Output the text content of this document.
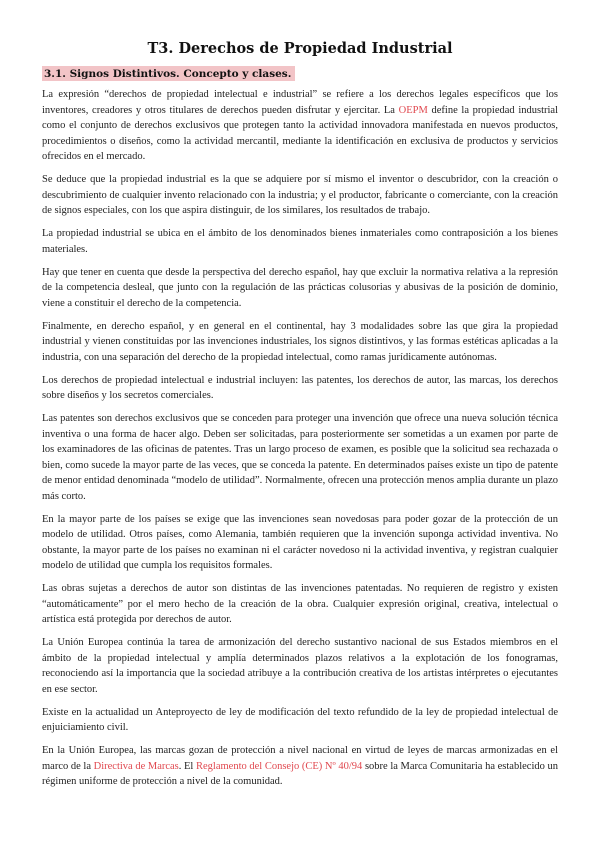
T3. Derechos de Propiedad Industrial
3.1. Signos Distintivos. Concepto y clases.

La expresión “derechos de propiedad intelectual e industrial” se refiere a los derechos legales específicos que los inventores, creadores y otros titulares de derechos pueden disfrutar y ejercitar. La OEPM define la propiedad industrial como el conjunto de derechos exclusivos que protegen tanto la actividad innovadora manifestada en nuevos productos, procedimientos o diseños, como la actividad mercantil, mediante la identificación en exclusiva de productos y servicios ofrecidos en el mercado.

Se deduce que la propiedad industrial es la que se adquiere por sí mismo el inventor o descubridor, con la creación o descubrimiento de cualquier invento relacionado con la industria; y el productor, fabricante o comerciante, con la creación de signos especiales, con los que aspira distinguir, de los similares, los resultados de trabajo.

La propiedad industrial se ubica en el ámbito de los denominados bienes inmateriales como contraposición a los bienes materiales.

Hay que tener en cuenta que desde la perspectiva del derecho español, hay que excluir la normativa relativa a la represión de la competencia desleal, que junto con la regulación de las prácticas colusorias y abusivas de la posición de dominio, viene a constituir el derecho de la competencia.

Finalmente, en derecho español, y en general en el continental, hay 3 modalidades sobre las que gira la propiedad industrial y vienen constituidas por las invenciones industriales, los signos distintivos, y las formas estéticas aplicadas a la industria, con una separación del derecho de la propiedad intelectual, como ramas jurídicamente autónomas.

Los derechos de propiedad intelectual e industrial incluyen: las patentes, los derechos de autor, las marcas, los derechos sobre diseños y los secretos comerciales.

Las patentes son derechos exclusivos que se conceden para proteger una invención que ofrece una nueva solución técnica inventiva o una forma de hacer algo. Deben ser solicitadas, para posteriormente ser sometidas a un examen por parte de los examinadores de las oficinas de patentes. Tras un largo proceso de examen, es posible que la solicitud sea rechazada o bien, como sucede la mayor parte de las veces, que se conceda la patente. En determinados países existe un tipo de patente de menor entidad denominada “modelo de utilidad”. Normalmente, ofrecen una protección menos amplia durante un plazo más corto.

En la mayor parte de los países se exige que las invenciones sean novedosas para poder gozar de la protección de un modelo de utilidad. Otros países, como Alemania, también requieren que la invención suponga actividad inventiva. No obstante, la mayor parte de los países no examinan ni el carácter novedoso ni la actividad inventiva, y registran cualquier modelo de utilidad que cumpla los requisitos formales.

Las obras sujetas a derechos de autor son distintas de las invenciones patentadas. No requieren de registro y existen “automáticamente” por el mero hecho de la creación de la obra. Cualquier expresión original, creativa, intelectual o artística está protegida por derechos de autor.

La Unión Europea continúa la tarea de armonización del derecho sustantivo nacional de sus Estados miembros en el ámbito de la propiedad intelectual y amplía determinados plazos relativos a la explotación de los fonogramas, reconociendo así la importancia que la sociedad atribuye a la contribución creativa de los artistas intérpretes o ejecutantes en ese sector.

Existe en la actualidad un Anteproyecto de ley de modificación del texto refundido de la ley de propiedad intelectual de enjuiciamiento civil.

En la Unión Europea, las marcas gozan de protección a nivel nacional en virtud de leyes de marcas armonizadas en el marco de la Directiva de Marcas. El Reglamento del Consejo (CE) Nº 40/94 sobre la Marca Comunitaria ha establecido un régimen uniforme de protección a nivel de la comunidad.
